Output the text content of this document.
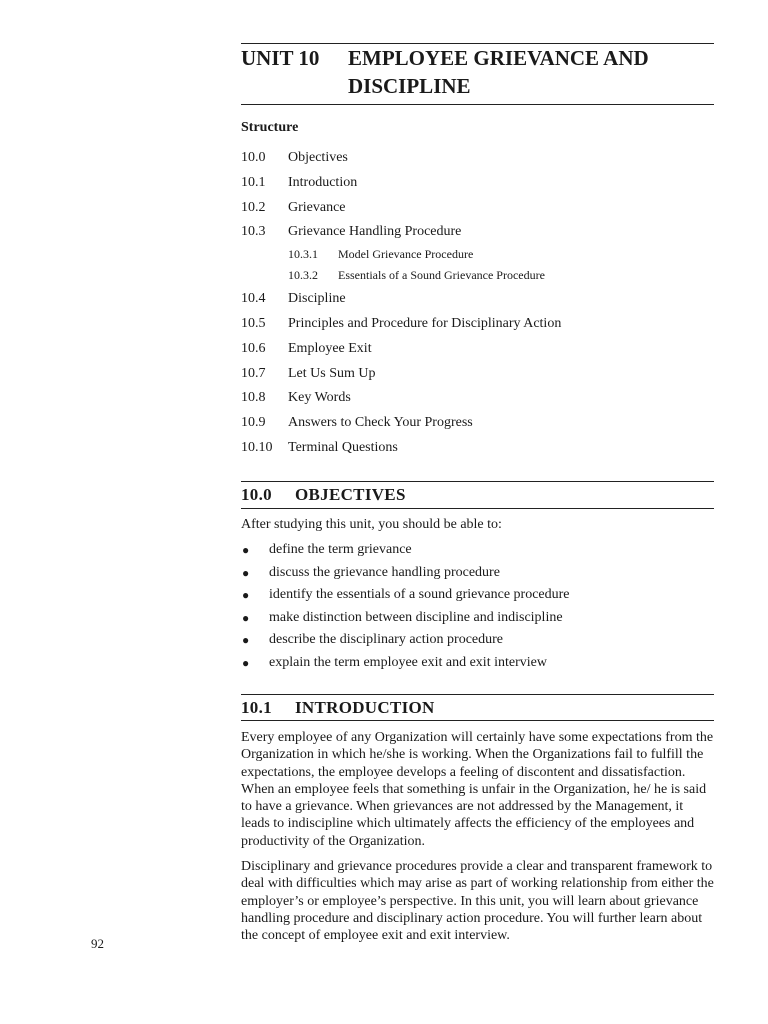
UNIT 10 EMPLOYEE GRIEVANCE AND DISCIPLINE
Structure
10.0 Objectives
10.1 Introduction
10.2 Grievance
10.3 Grievance Handling Procedure
10.3.1 Model Grievance Procedure
10.3.2 Essentials of a Sound Grievance Procedure
10.4 Discipline
10.5 Principles and Procedure for Disciplinary Action
10.6 Employee Exit
10.7 Let Us Sum Up
10.8 Key Words
10.9 Answers to Check Your Progress
10.10 Terminal Questions
10.0 OBJECTIVES
After studying this unit, you should be able to:
● define the term grievance
● discuss the grievance handling procedure
● identify the essentials of a sound grievance procedure
● make distinction between discipline and indiscipline
● describe the disciplinary action procedure
● explain the term employee exit and exit interview
10.1 INTRODUCTION

Every employee of any Organization will certainly have some expectations from the Organization in which he/she is working. When the Organizations fail to fulfill the expectations, the employee develops a feeling of discontent and dissatisfaction. When an employee feels that something is unfair in the Organization, he/ he is said to have a grievance. When grievances are not addressed by the Management, it leads to indiscipline which ultimately affects the efficiency of the employees and productivity of the Organization.

Disciplinary and grievance procedures provide a clear and transparent framework to deal with difficulties which may arise as part of working relationship from either the employer’s or employee’s perspective. In this unit, you will learn about grievance handling procedure and disciplinary action procedure. You will further learn about the concept of employee exit and exit interview.

92
